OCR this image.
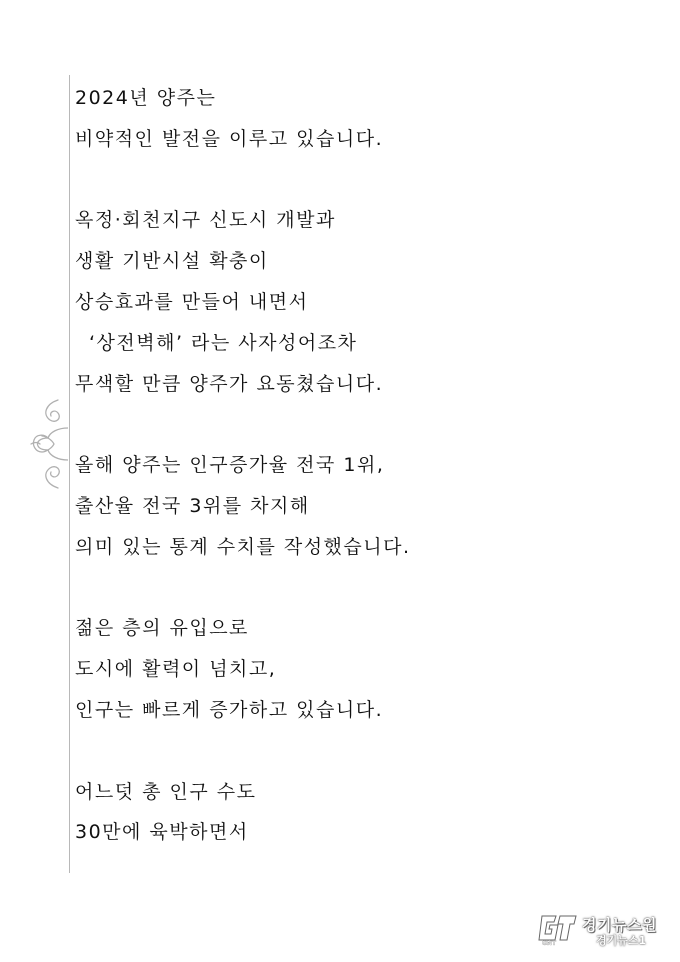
2024년 양주는
비약적인 발전을 이루고 있습니다.
옥정·회천지구 신도시 개발과
생활 기반시설 확충이
상승효과를 만들어 내면서
‘상전벽해’ 라는 사자성어조차
무색할 만큼 양주가 요동쳤습니다.
올해 양주는 인구증가율 전국 1위,
출산율 전국 3위를 차지해
의미 있는 통계 수치를 작성했습니다.
젊은 층의 유입으로
도시에 활력이 넘치고,
인구는 빠르게 증가하고 있습니다.
어느덧 총 인구 수도
30만에 육박하면서
GNT
경기뉴스원
경기뉴스1
